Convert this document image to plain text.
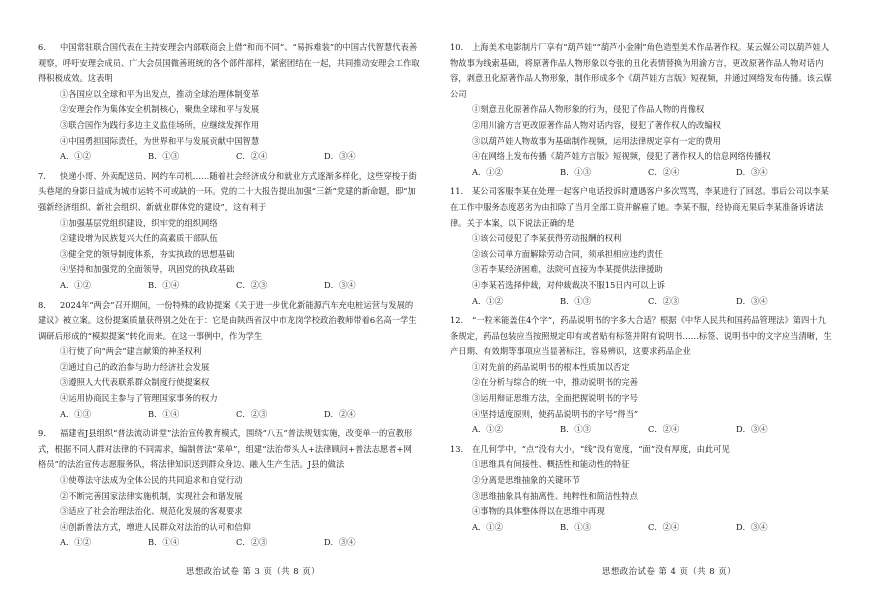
6. 中国常驻联合国代表在主持安理会内部联商会上借“和而不同”、“易拆难装”的中国古代智慧代表善观察，呼吁安理会成员、广大会员国微善班统的各个部件部样，紧密团结在一起，共同推动安理会工作取得积极成效。这表明
①各国应以全球和平为出发点，推动全球治理体制变革
②安理会作为集体安全机制核心，聚焦全球和平与发展
③联合国作为践行多边主义监佳场所，应继续发挥作用
④中国勇担国际责任，为世界和平与发展贡献中国智慧
A．①②	B．①③	C．②④	D．③④
7. 快递小哥、外卖配送员、网约车司机……随着社会经济成分和就业方式逐渐多样化，这些穿梭于街头巷尾的身影日益成为城市运转不可或缺的一环。党的二十大报告提出加强“三新”党建的新命题，即“加强新经济组织、新社会组织、新就业群体党的建设”，这有利于
①加强基层党组织建设，织牢党的组织网络
②建设增为民族复兴大任的高素质干部队伍
③健全党的领导制度体系，夯实执政的思想基础
④坚持和加强党的全面领导，巩固党的执政基础
A．①②	B．①④	C．②③	D．③④
8. 2024年“两会”召开期间，一份特殊的政协提案《关于进一步优化新能源汽车充电桩运营与发展的建议》被立案。这份提案质量获得别之处在于：它是由陕西省汉中市龙岗学校政治教师带着6名高一学生调研后形成的“模拟提案”转化而来。在这一事例中，作为学生
①行使了向“两会”建言献策的神圣权利
②通过自己的政治参与助力经济社会发展
③遵照人大代表联系群众制度行使提案权
④运用协商民主参与了管理国家事务的权力
A．①③	B．①④	C．②③	D．②④
9. 福建省J县组织“普法流动讲堂”法治宣传教育模式，围绕“八五”普法规划实施，改变单一的宣教形式，根据不同人群对法律的不同需求，编制普法“菜单”，组建“法治带头人+法律顾问+普法志愿者+网格员”的法治宣传志愿服务队，将法律知识送到群众身边、融入生产生活。J县的做法
①使尊法守法成为全体公民的共同追求和自觉行动
②不断完善国家法律实施机制，实现社会和谐发展
③适应了社会治理法治化、规范化发展的客观要求
④创新普法方式，增进人民群众对法治的认可和信仰
A．①②	B．①④	C．②③	D．③④
10. 上海美术电影制片厂享有“葫芦娃”“葫芦小金刚”角色造型美术作品著作权。某云媒公司以葫芦娃人物故事为线索基础，将原著作品人物形象以夸张的丑化表情替换为用渝方言，更改原著作品人物对话内容，剥意丑化原著作品人物形象，制作形成多个《葫芦娃方言版》短视频，并通过网络发布传播。该云媒公司
①刻意丑化原著作品人物形象的行为，侵犯了作品人物的肖像权
②用川渝方言更改原著作品人物对话内容，侵犯了著作权人的改编权
③以葫芦娃人物故事为基础制作视频，运用法律规定享有一定的费用
④在网络上发布传播《葫芦娃方言版》短视频，侵犯了著作权人的信息网络传播权
A．①②	B．①③	C．②④	D．③④
11. 某公司客服李某在处理一起客户电话投诉时遭遇客户多次骂骂，李某进行了回怼。事后公司以李某在工作中服务态度恶劣为由扣除了当月全部工资并解雇了她。李某不服，经协商无果后李某准备诉诸法律。关于本案，以下说法正确的是
①该公司侵犯了李某获得劳动报酬的权利
②该公司单方面解除劳动合同，须承担相应违约责任
③若李某经济困难，法院可直接为李某提供法律援助
④李某若选择仲裁，对仲裁裁决不服15日内可以上诉
A．①②	B．①③	C．②③	D．③④
12. “一粒米能盖住4个字”，药品说明书的字多大合适？根据《中华人民共和国药品管理法》第四十九条规定，药品包装应当按照规定印有或者贴有标签并附有说明书……标签、说明书中的文字应当清晰，生产日期、有效期等事项应当显著标注，容易辨识，这要求药品企业
①对先前的药品说明书的根本性质加以否定
②在分析与综合的统一中，推动说明书的完善
③运用辩证思维方法，全面把握说明书的字号
④坚持适度原则，使药品说明书的字号“得当”
A．①②	B．①③	C．②④	D．③④
13. 在几何学中，“点”没有大小，“线”没有宽度，“面”没有厚度，由此可见
①思维具有间接性、概括性和能动性的特征
②分离是思维抽象的关键环节
③思维抽象具有抽离性、纯粹性和简洁性特点
④事物的具体整体得以在思维中再现
A．①②	B．①③	C．②④	D．③④
思想政治试卷 第 3 页（共 8 页）	思想政治试卷 第 4 页（共 8 页）
